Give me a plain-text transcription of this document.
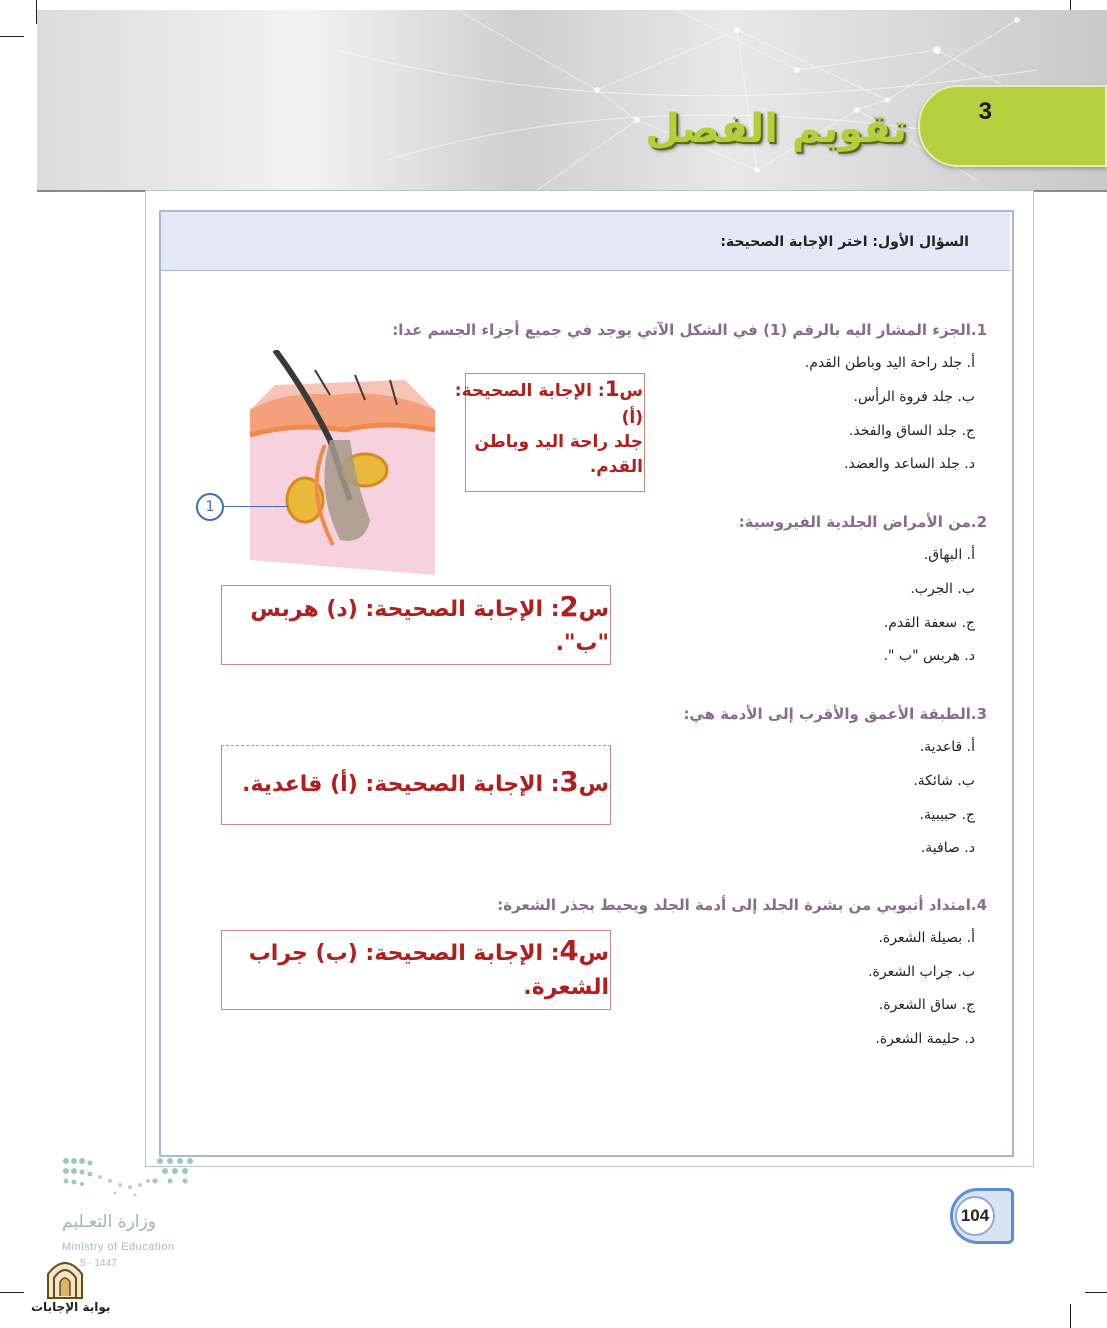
3
تقويم الفصل
السؤال الأول: اختر الإجابة الصحيحة:
1.الجزء المشار اليه بالرقم (1) في الشكل الآتي يوجد في جميع أجزاء الجسم عدا:
أ. جلد راحة اليد وباطن القدم.
ب. جلد فروة الرأس.
ج. جلد الساق والفخذ.
د. جلد الساعد والعضد.
2.من الأمراض الجلدية الفيروسية:
أ. البهاق.
ب. الجرب.
ج. سعفة القدم.
د. هربس "ب ".
3.الطبقة الأعمق والأقرب إلى الأدمة هي:
أ. قاعدية.
ب. شائكة.
ج. حبيبية.
د. صافية.
4.امتداد أنبوبي من بشرة الجلد إلى أدمة الجلد ويحيط بجذر الشعرة:
أ. بصيلة الشعرة.
ب. جراب الشعرة.
ج. ساق الشعرة.
د. حليمة الشعرة.
1
س1: الإجابة الصحيحة:
(أ)
جلد راحة اليد وباطن
القدم.
س2: الإجابة الصحيحة: (د) هربس
"ب".
س3: الإجابة الصحيحة: (أ) قاعدية.
س4: الإجابة الصحيحة: (ب) جراب
الشعرة.
104
وزارة التعـليم
Ministry of Education
5 - 1447
بوابة الإجابات
